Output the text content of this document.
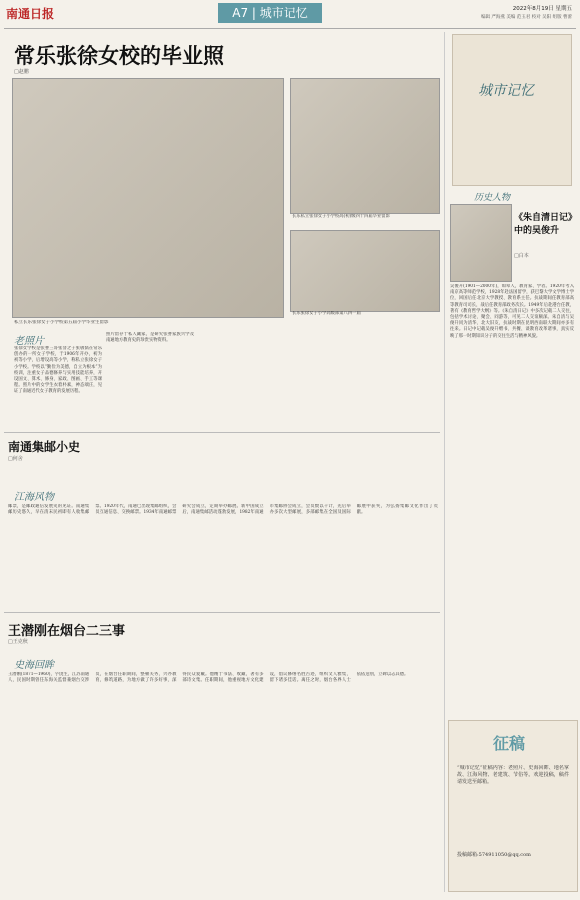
南通日报	A7 | 城市记忆	2022年8月19日 星期五
编辑 严海燕 美编 范玉君 校对 吴阳 组版 曹蕾
常乐张徐女校的毕业照
□赵鹏
私立长乐张徐女子小学校第五届小学毕业生留影
长乐私立张徐女子小学校高(初)级四十四届毕业留影
长乐张徐女子小学高级部第八四一届
老照片
张徐女学校是张謇三哥张詧之子张敬儒在常乐创办的一所女子学校，于1906年开办，初为初等小学，后增设高等小学，称私立张徐女子小学校。学校以“勤俭为美德，自立为根本”为校训，注重女子品德修养与实用技能培养，开设国文、算术、修身、家政、图画、手工等课程。照片中的女学生衣着朴素，神态端庄，见证了南通近代女子教育的发展历程。
照片留存于私人藏家，是研究张謇家族兴学及南通地方教育史的珍贵实物资料。
城市记忆
历史人物
《朱自清日记》中的吴俊升
□白本
吴俊升(1901—2000年)，如皋人，教育家、学者。1920年考入南京高等师范学校，1928年赴法国留学，获巴黎大学文学博士学位，回国后任北京大学教授、教育系主任。抗战期间任教育部高等教育司司长，战后任教育部政务次长。1949年后赴港台任教，著有《教育哲学大纲》等。《朱自清日记》中多次记载二人交往，包括学术讨论、聚会、同游等，可见二人交谊颇深。朱自清与吴俊升同为清华、北大旧友，抗战时期在昆明西南联大期间亦多有往来。日记中记载吴俊升赠书、共餐、谈教育改革诸事，真实反映了那一时期知识分子的交往生活与精神风貌。
南通集邮小史
□何舍
江海风物
邮票，是邮政通信发展史的见证。南通集邮历史悠久，早在清末民初即有人收集邮票。1920年代，南通已出现集邮组织，会员互通信息、交换邮票。1934年南通邮票研究会成立，定期举办邮展。新中国成立后，南通集邮活动蓬勃发展，1982年南通市集邮协会成立，会员数以千计，先后举办多次大型邮展，多部邮集在全国及国际邮展中获奖，为弘扬集邮文化作出了贡献。
王潜刚在烟台二三事
□王克秋
史海回眸
王潜刚(1871—1960)，字饶生，江苏南通人，民国时期曾任东海关监督兼烟台交涉员，在烟台任职期间，整顿关务，兴办教育，修筑道路，为地方做了许多好事，深得民众爱戴。他精于书法、收藏，著有多部诗文集。任职期间，他重视地方文化建设，倡议修缮名胜古迹，组织文人雅集，留下诸多佳话。离任之时，烟台各界人士依依送别，立碑以志其德。
征稿
“城市记忆”征稿内容：老照片、史海回眸、地名掌故、江海风物、老建筑、节俗等。欢迎投稿，稿件请发送至邮箱。
投稿邮箱:574911050@qq.com
